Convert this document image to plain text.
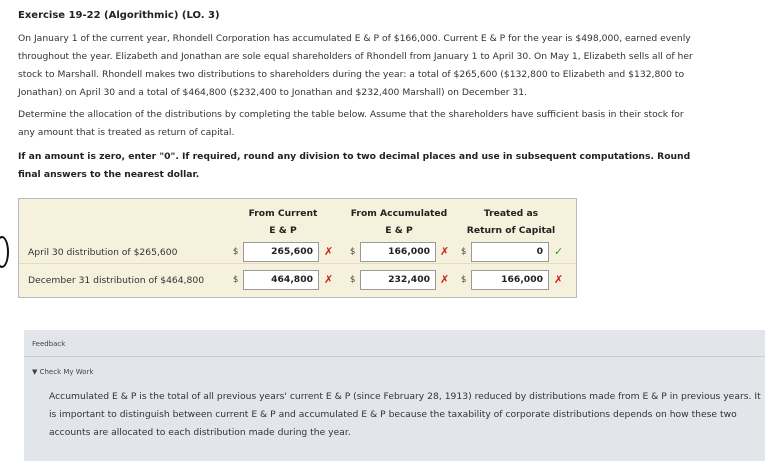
Exercise 19-22 (Algorithmic) (LO. 3)
On January 1 of the current year, Rhondell Corporation has accumulated E & P of $166,000. Current E & P for the year is $498,000, earned evenly throughout the year. Elizabeth and Jonathan are sole equal shareholders of Rhondell from January 1 to April 30. On May 1, Elizabeth sells all of her stock to Marshall. Rhondell makes two distributions to shareholders during the year: a total of $265,600 ($132,800 to Elizabeth and $132,800 to Jonathan) on April 30 and a total of $464,800 ($232,400 to Jonathan and $232,400 Marshall) on December 31.
Determine the allocation of the distributions by completing the table below. Assume that the shareholders have sufficient basis in their stock for any amount that is treated as return of capital.
If an amount is zero, enter "0". If required, round any division to two decimal places and use in subsequent computations. Round final answers to the nearest dollar.
From Current
E & P
From Accumulated
E & P
Treated as
Return of Capital
April 30 distribution of $265,600	$	265,600	✗ $	166,000 ✗ $	0	✓
December 31 distribution of $464,800	$	464,800	✗ $	232,400 ✗ $	166,000	✗
Feedback
▼ Check My Work
Accumulated E & P is the total of all previous years' current E & P (since February 28, 1913) reduced by distributions made from E & P in previous years. It is important to distinguish between current E & P and accumulated E & P because the taxability of corporate distributions depends on how these two accounts are allocated to each distribution made during the year.
